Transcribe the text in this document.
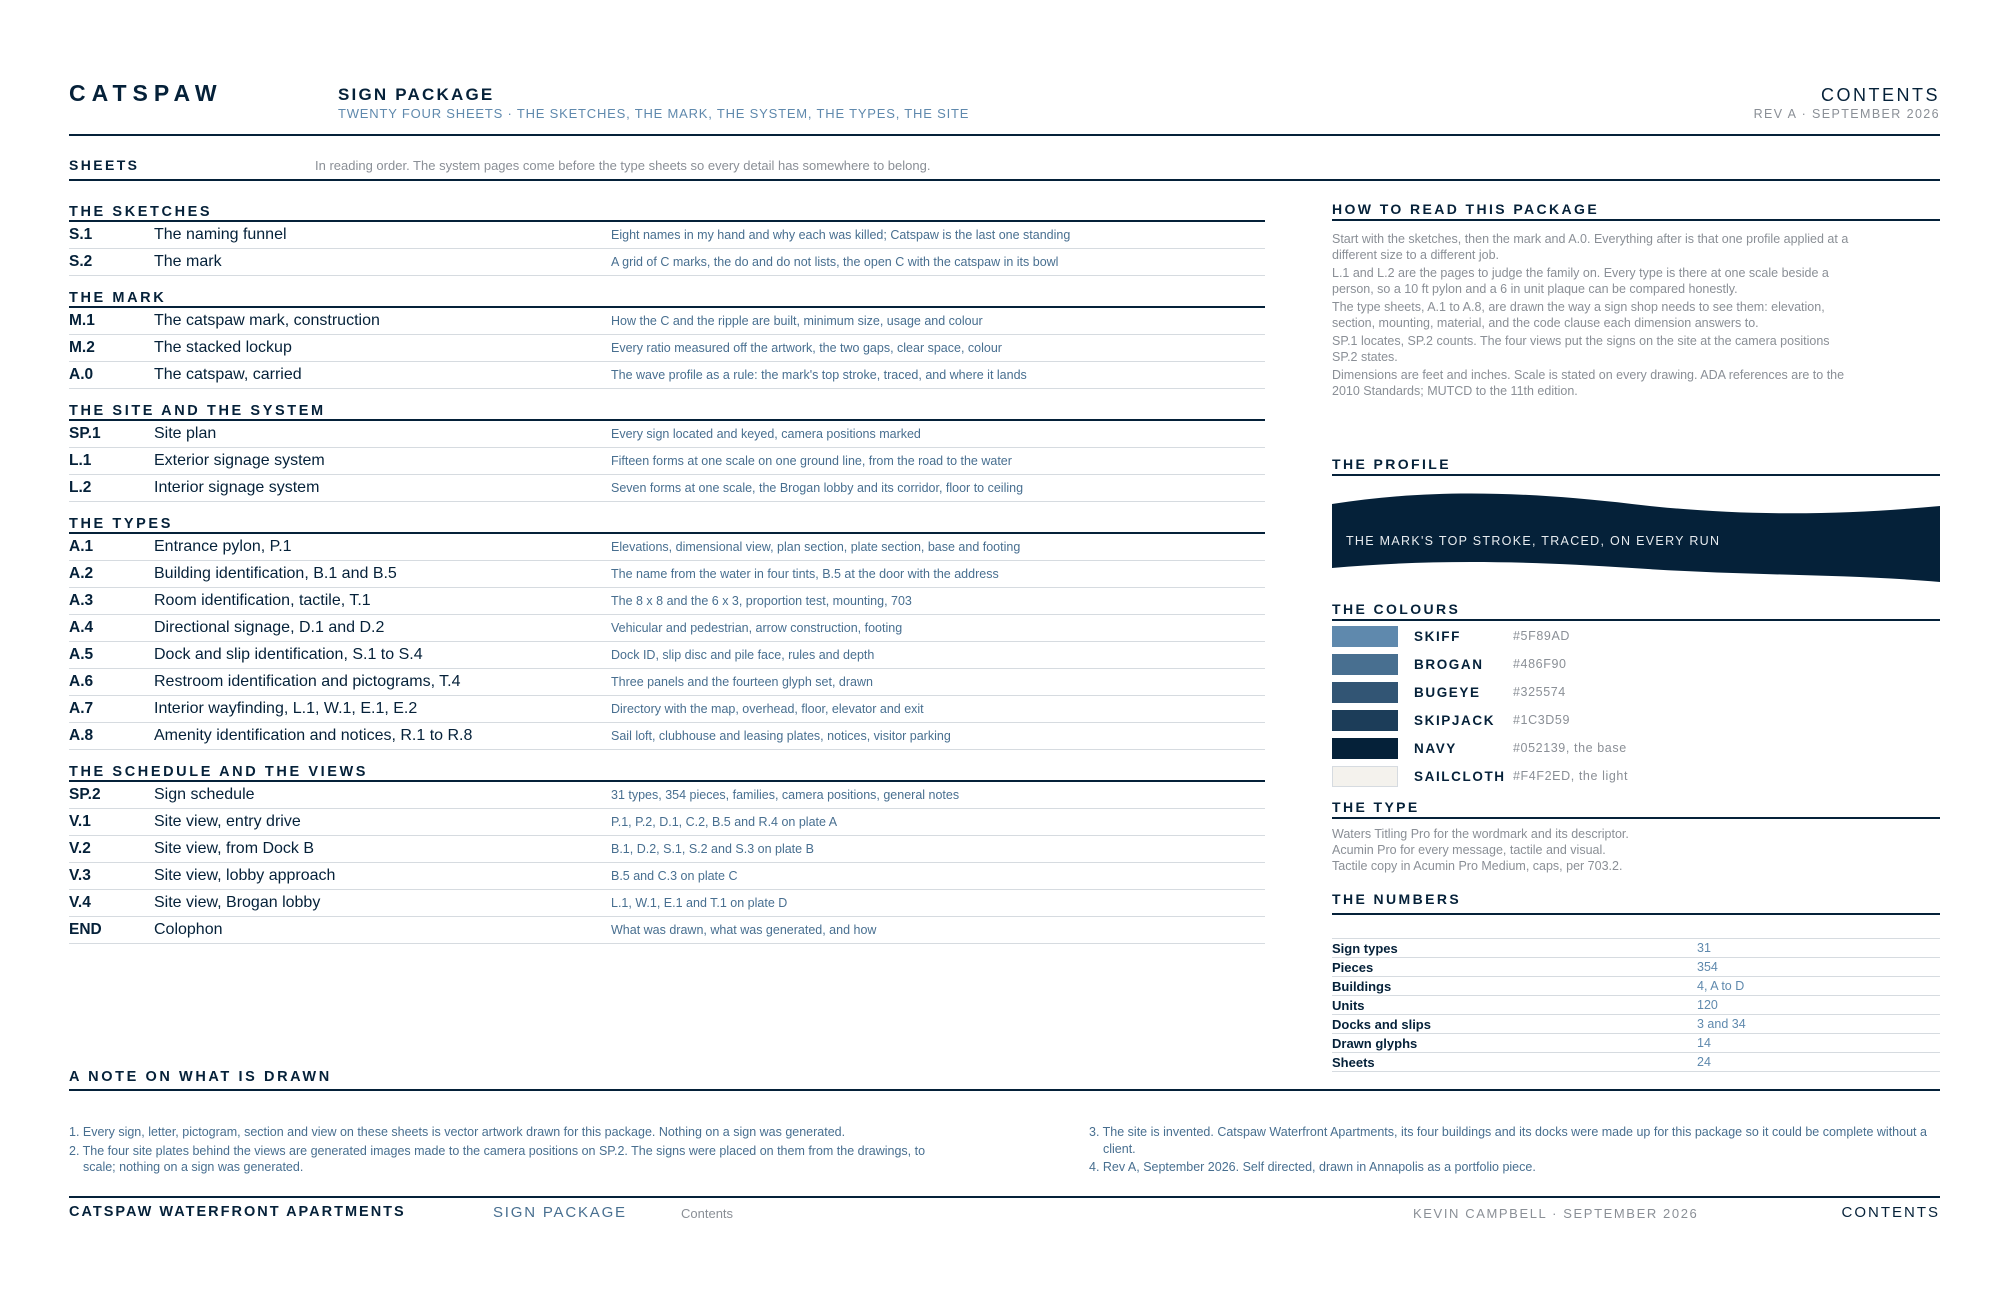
CATSPAW	SIGN PACKAGE
TWENTY FOUR SHEETS · THE SKETCHES, THE MARK, THE SYSTEM, THE TYPES, THE SITE
CONTENTS
REV A · SEPTEMBER 2026
SHEETS	In reading order. The system pages come before the type sheets so every detail has somewhere to belong.
THE SKETCHES
S.1	The naming funnel	Eight names in my hand and why each was killed; Catspaw is the last one standing
S.2	The mark	A grid of C marks, the do and do not lists, the open C with the catspaw in its bowl
THE MARK
M.1	The catspaw mark, construction	How the C and the ripple are built, minimum size, usage and colour
M.2	The stacked lockup	Every ratio measured off the artwork, the two gaps, clear space, colour
A.0	The catspaw, carried	The wave profile as a rule: the mark's top stroke, traced, and where it lands
THE SITE AND THE SYSTEM
SP.1	Site plan	Every sign located and keyed, camera positions marked
L.1	Exterior signage system	Fifteen forms at one scale on one ground line, from the road to the water
L.2	Interior signage system	Seven forms at one scale, the Brogan lobby and its corridor, floor to ceiling
THE TYPES
A.1	Entrance pylon, P.1	Elevations, dimensional view, plan section, plate section, base and footing
A.2	Building identification, B.1 and B.5	The name from the water in four tints, B.5 at the door with the address
A.3	Room identification, tactile, T.1	The 8 x 8 and the 6 x 3, proportion test, mounting, 703
A.4	Directional signage, D.1 and D.2	Vehicular and pedestrian, arrow construction, footing
A.5	Dock and slip identification, S.1 to S.4	Dock ID, slip disc and pile face, rules and depth
A.6	Restroom identification and pictograms, T.4	Three panels and the fourteen glyph set, drawn
A.7	Interior wayfinding, L.1, W.1, E.1, E.2	Directory with the map, overhead, floor, elevator and exit
A.8	Amenity identification and notices, R.1 to R.8	Sail loft, clubhouse and leasing plates, notices, visitor parking
THE SCHEDULE AND THE VIEWS
SP.2	Sign schedule	31 types, 354 pieces, families, camera positions, general notes
V.1	Site view, entry drive	P.1, P.2, D.1, C.2, B.5 and R.4 on plate A
V.2	Site view, from Dock B	B.1, D.2, S.1, S.2 and S.3 on plate B
V.3	Site view, lobby approach	B.5 and C.3 on plate C
V.4	Site view, Brogan lobby	L.1, W.1, E.1 and T.1 on plate D
END	Colophon	What was drawn, what was generated, and how
HOW TO READ THIS PACKAGE
Start with the sketches, then the mark and A.0. Everything after is that one profile applied at a different size to a different job.
L.1 and L.2 are the pages to judge the family on. Every type is there at one scale beside a person, so a 10 ft pylon and a 6 in unit plaque can be compared honestly.
The type sheets, A.1 to A.8, are drawn the way a sign shop needs to see them: elevation, section, mounting, material, and the code clause each dimension answers to.
SP.1 locates, SP.2 counts. The four views put the signs on the site at the camera positions SP.2 states.
Dimensions are feet and inches. Scale is stated on every drawing. ADA references are to the 2010 Standards; MUTCD to the 11th edition.
THE PROFILE
THE MARK'S TOP STROKE, TRACED, ON EVERY RUN
THE COLOURS
SKIFF	#5F89AD
BROGAN	#486F90
BUGEYE	#325574
SKIPJACK	#1C3D59
NAVY	#052139, the base
SAILCLOTH #F4F2ED, the light
THE TYPE
Waters Titling Pro for the wordmark and its descriptor.
Acumin Pro for every message, tactile and visual.
Tactile copy in Acumin Pro Medium, caps, per 703.2.
THE NUMBERS
Sign types	31
Pieces	354
Buildings	4, A to D
Units	120
Docks and slips	3 and 34
Drawn glyphs	14
Sheets	24
A NOTE ON WHAT IS DRAWN
1. Every sign, letter, pictogram, section and view on these sheets is vector artwork drawn for this package. Nothing on a sign was generated.
2. The four site plates behind the views are generated images made to the camera positions on SP.2. The signs were placed on them from the drawings, to scale; nothing on a sign was generated.
3. The site is invented. Catspaw Waterfront Apartments, its four buildings and its docks were made up for this package so it could be complete without a client.
4. Rev A, September 2026. Self directed, drawn in Annapolis as a portfolio piece.
CATSPAW WATERFRONT APARTMENTS	SIGN PACKAGE	Contents	KEVIN CAMPBELL · SEPTEMBER 2026	CONTENTS
